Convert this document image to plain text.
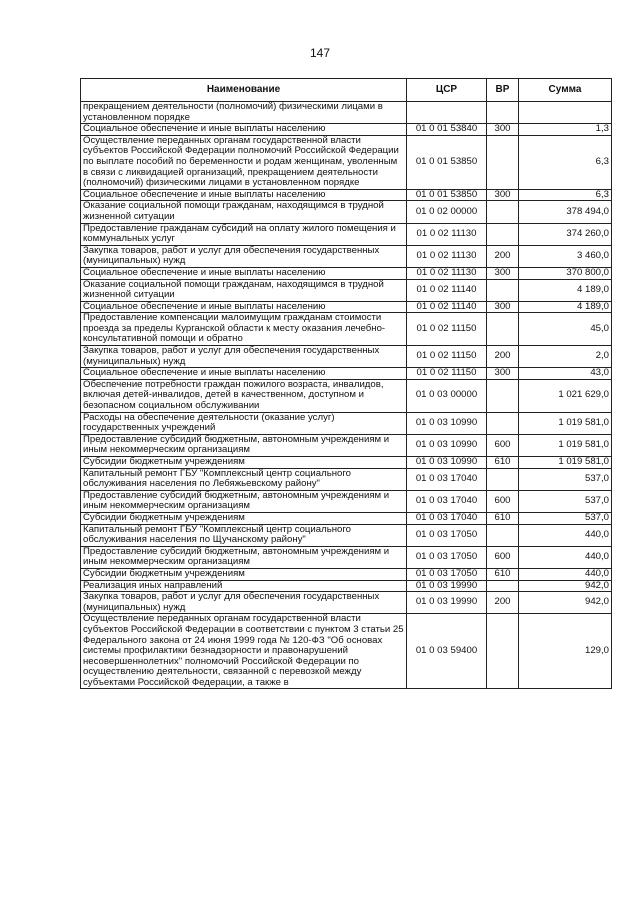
147
Наименование	ЦСР	ВР	Сумма
прекращением деятельности (полномочий) физическими лицами в установленном порядке			
Социальное обеспечение и иные выплаты населению	01 0 01 53840	300	1,3
Осуществление переданных органам государственной власти субъектов Российской Федерации полномочий Российской Федерации по выплате пособий по беременности и родам женщинам, уволенным в связи с ликвидацией организаций, прекращением деятельности (полномочий) физическими лицами в установленном порядке	01 0 01 53850		6,3
Социальное обеспечение и иные выплаты населению	01 0 01 53850	300	6,3
Оказание социальной помощи гражданам, находящимся в трудной жизненной ситуации	01 0 02 00000		378 494,0
Предоставление гражданам субсидий на оплату жилого помещения и коммунальных услуг	01 0 02 11130		374 260,0
Закупка товаров, работ и услуг для обеспечения государственных (муниципальных) нужд	01 0 02 11130	200	3 460,0
Социальное обеспечение и иные выплаты населению	01 0 02 11130	300	370 800,0
Оказание социальной помощи гражданам, находящимся в трудной жизненной ситуации	01 0 02 11140		4 189,0
Социальное обеспечение и иные выплаты населению	01 0 02 11140	300	4 189,0
Предоставление компенсации малоимущим гражданам стоимости проезда за пределы Курганской области к месту оказания лечебно-консультативной помощи и обратно	01 0 02 11150		45,0
Закупка товаров, работ и услуг для обеспечения государственных (муниципальных) нужд	01 0 02 11150	200	2,0
Социальное обеспечение и иные выплаты населению	01 0 02 11150	300	43,0
Обеспечение потребности граждан пожилого возраста, инвалидов, включая детей-инвалидов, детей в качественном, доступном и безопасном социальном обслуживании	01 0 03 00000		1 021 629,0
Расходы на обеспечение деятельности (оказание услуг) государственных учреждений	01 0 03 10990		1 019 581,0
Предоставление субсидий бюджетным, автономным учреждениям и иным некоммерческим организациям	01 0 03 10990	600	1 019 581,0
Субсидии бюджетным учреждениям	01 0 03 10990	610	1 019 581,0
Капитальный ремонт ГБУ "Комплексный центр социального обслуживания населения по Лебяжьевскому району"	01 0 03 17040		537,0
Предоставление субсидий бюджетным, автономным учреждениям и иным некоммерческим организациям	01 0 03 17040	600	537,0
Субсидии бюджетным учреждениям	01 0 03 17040	610	537,0
Капитальный ремонт ГБУ "Комплексный центр социального обслуживания населения по Щучанскому району"	01 0 03 17050		440,0
Предоставление субсидий бюджетным, автономным учреждениям и иным некоммерческим организациям	01 0 03 17050	600	440,0
Субсидии бюджетным учреждениям	01 0 03 17050	610	440,0
Реализация иных направлений	01 0 03 19990		942,0
Закупка товаров, работ и услуг для обеспечения государственных (муниципальных) нужд	01 0 03 19990	200	942,0
Осуществление переданных органам государственной власти субъектов Российской Федерации в соответствии с пунктом 3 статьи 25 Федерального закона от 24 июня 1999 года № 120-ФЗ "Об основах системы профилактики безнадзорности и правонарушений несовершеннолетних" полномочий Российской Федерации по осуществлению деятельности, связанной с перевозкой между субъектами Российской Федерации, а также в	01 0 03 59400		129,0
